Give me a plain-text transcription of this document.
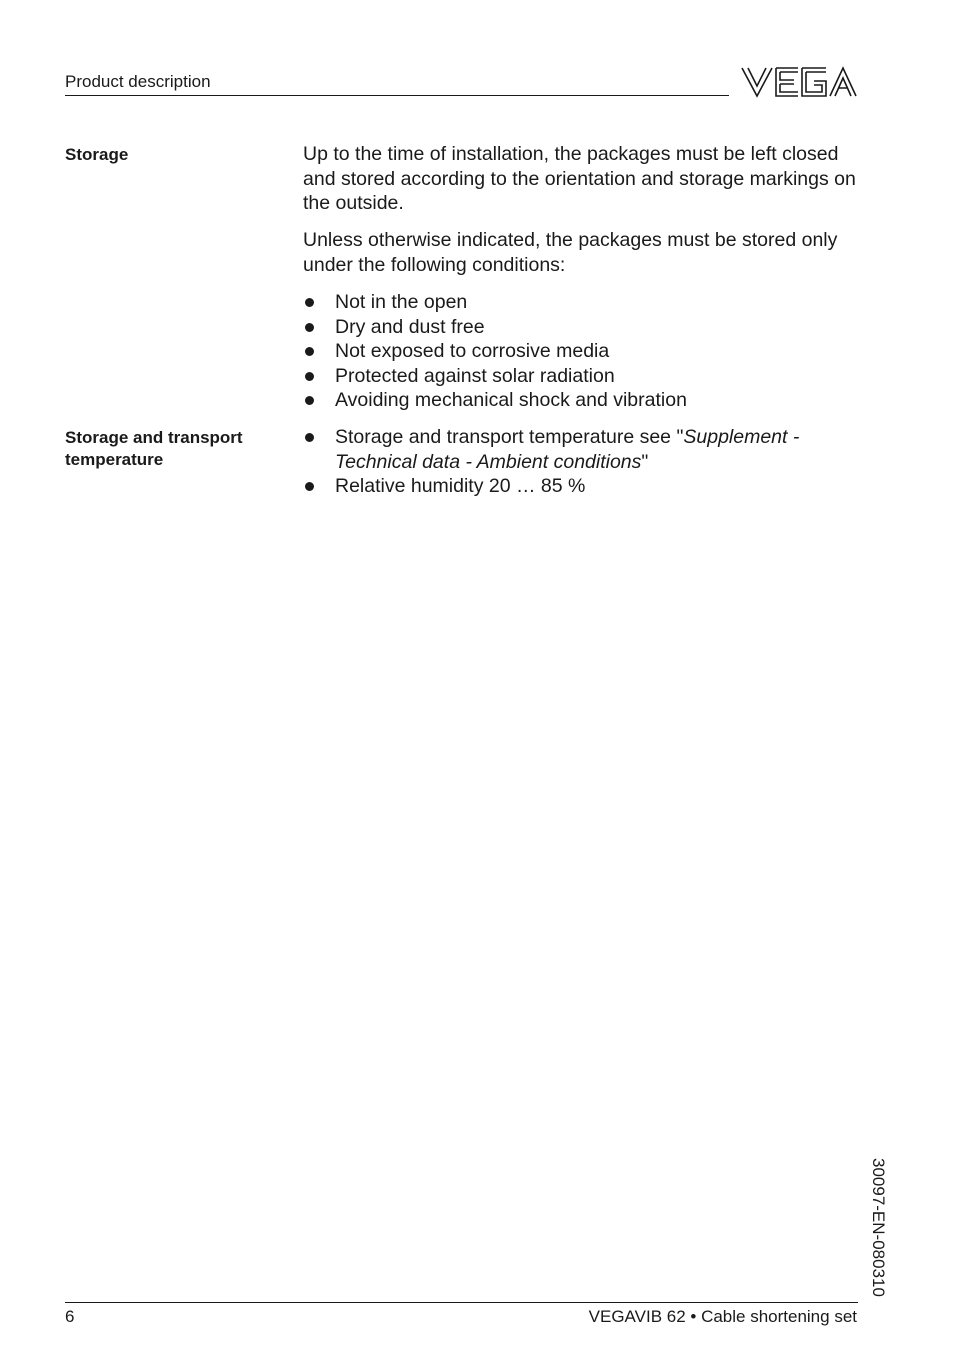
Product description
Storage	Up to the time of installation, the packages must be left closed and stored according to the orientation and storage markings on the outside.

Unless otherwise indicated, the packages must be stored only under the following conditions:

Not in the open
Dry and dust free
Not exposed to corrosive media
Protected against solar radiation
Avoiding mechanical shock and vibration
Storage and transport
temperature
Storage and transport temperature see "Supplement - Technical data - Ambient conditions"
Relative humidity 20 … 85 %
30097-EN-080310
6	VEGAVIB 62 • Cable shortening set
